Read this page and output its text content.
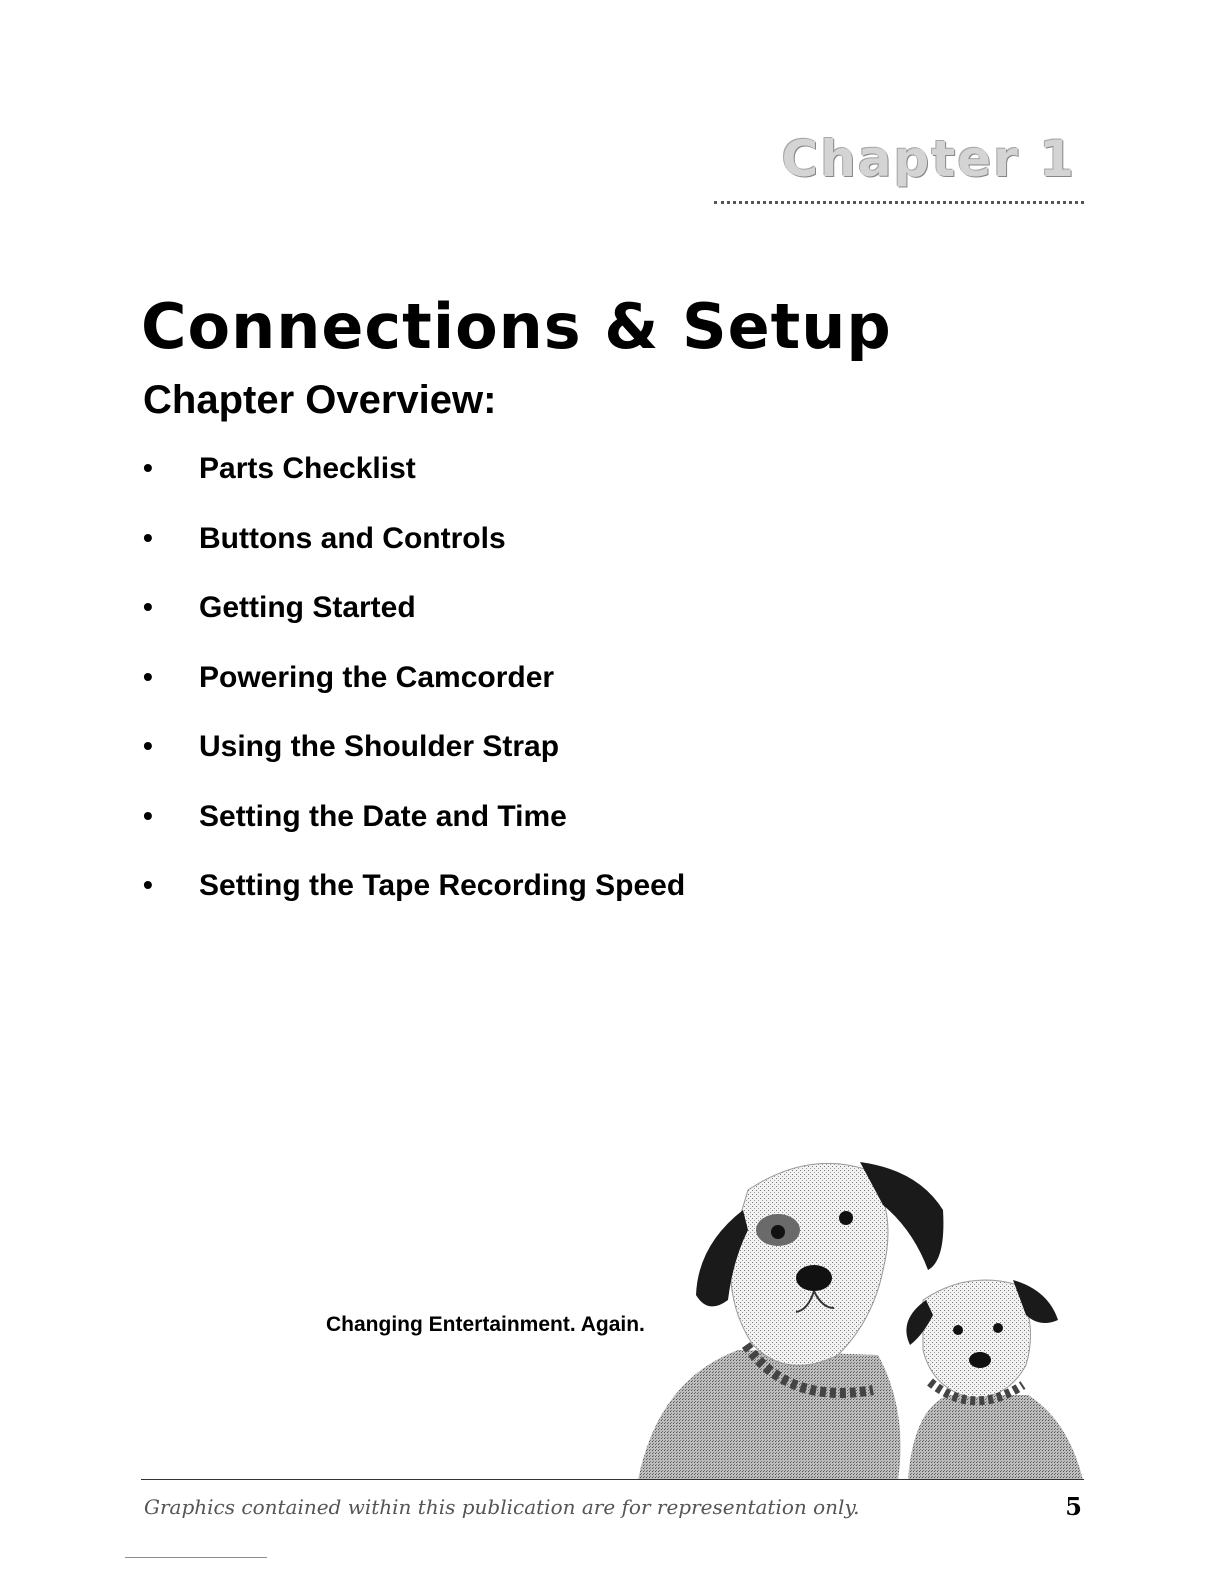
Chapter 1
Connections & Setup
Chapter Overview:
•	Parts Checklist
•	Buttons and Controls
•	Getting Started
•	Powering the Camcorder
•	Using the Shoulder Strap
•	Setting the Date and Time
•	Setting the Tape Recording Speed
Changing Entertainment. Again.
Graphics contained within this publication are for representation only.	5
